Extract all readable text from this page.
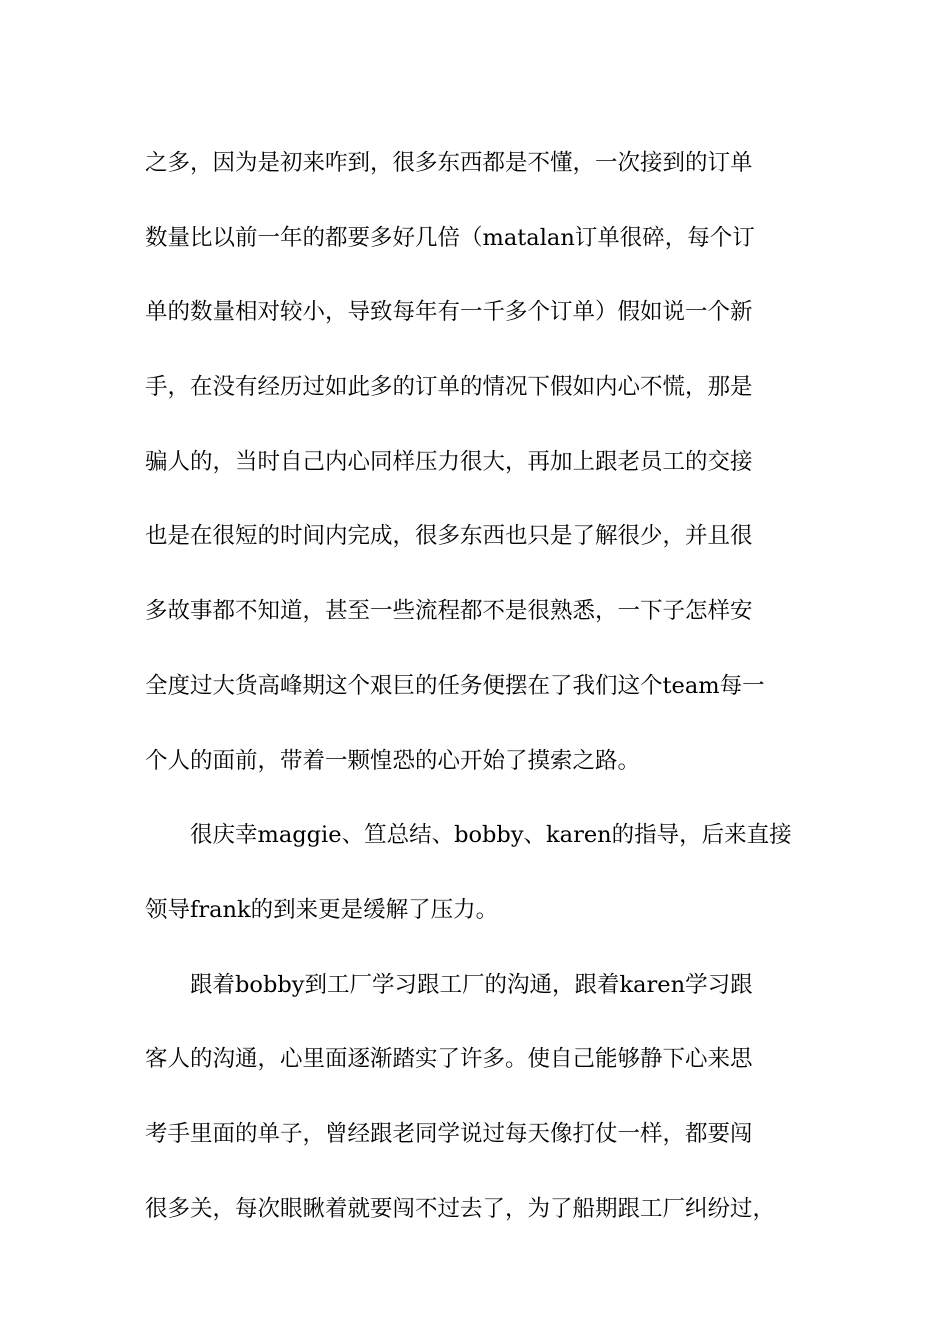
之多，因为是初来咋到，很多东西都是不懂，一次接到的订单
数量比以前一年的都要多好几倍（matalan订单很碎，每个订
单的数量相对较小，导致每年有一千多个订单）假如说一个新
手，在没有经历过如此多的订单的情况下假如内心不慌，那是
骗人的，当时自己内心同样压力很大，再加上跟老员工的交接
也是在很短的时间内完成，很多东西也只是了解很少，并且很
多故事都不知道，甚至一些流程都不是很熟悉，一下子怎样安
全度过大货高峰期这个艰巨的任务便摆在了我们这个team每一
个人的面前，带着一颗惶恐的心开始了摸索之路。
　　很庆幸maggie、笪总结、bobby、karen的指导，后来直接
领导frank的到来更是缓解了压力。
　　跟着bobby到工厂学习跟工厂的沟通，跟着karen学习跟
客人的沟通，心里面逐渐踏实了许多。使自己能够静下心来思
考手里面的单子，曾经跟老同学说过每天像打仗一样，都要闯
很多关，每次眼瞅着就要闯不过去了，为了船期跟工厂纠纷过，
